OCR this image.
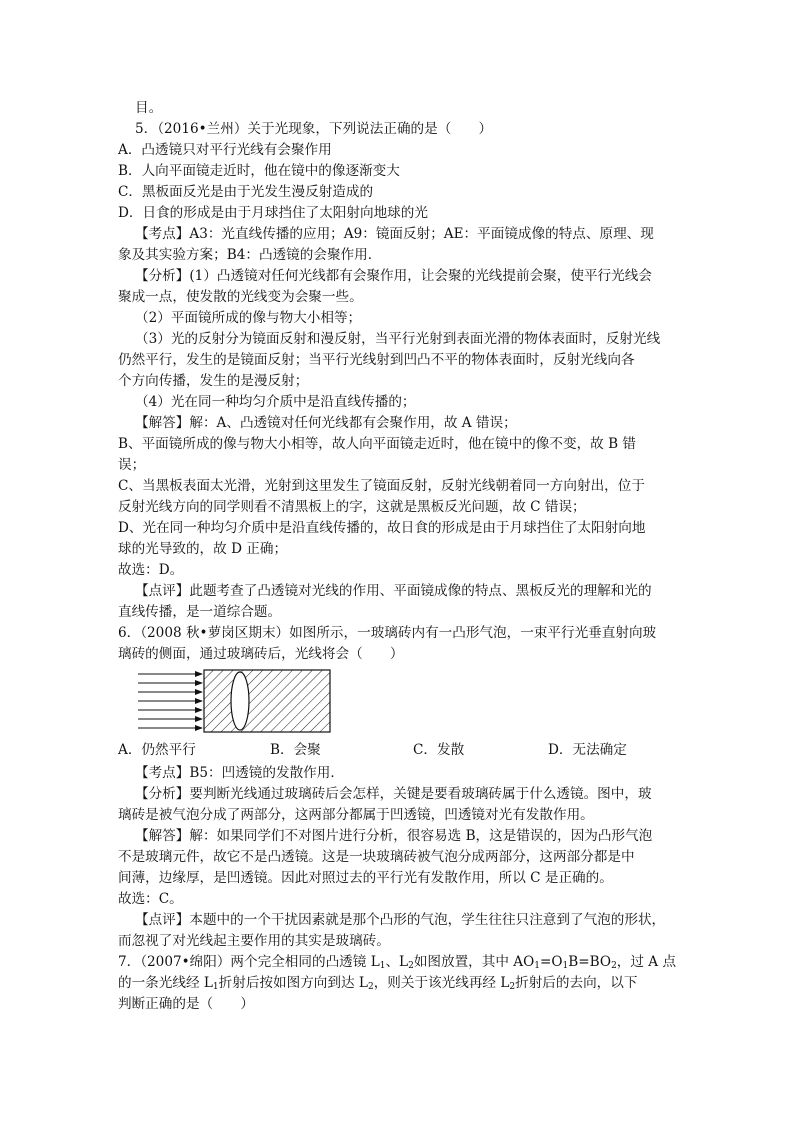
目。
5．（2016•兰州）关于光现象，下列说法正确的是（　　）
A．凸透镜只对平行光线有会聚作用
B．人向平面镜走近时，他在镜中的像逐渐变大
C．黑板面反光是由于光发生漫反射造成的
D．日食的形成是由于月球挡住了太阳射向地球的光
【考点】A3：光直线传播的应用；A9：镜面反射；AE：平面镜成像的特点、原理、现
象及其实验方案；B4：凸透镜的会聚作用．
【分析】(1）凸透镜对任何光线都有会聚作用，让会聚的光线提前会聚，使平行光线会
聚成一点，使发散的光线变为会聚一些。
（2）平面镜所成的像与物大小相等；
（3）光的反射分为镜面反射和漫反射，当平行光射到表面光滑的物体表面时，反射光线
仍然平行，发生的是镜面反射；当平行光线射到凹凸不平的物体表面时，反射光线向各
个方向传播，发生的是漫反射；
（4）光在同一种均匀介质中是沿直线传播的；
【解答】解：A、凸透镜对任何光线都有会聚作用，故 A 错误；
B、平面镜所成的像与物大小相等，故人向平面镜走近时，他在镜中的像不变，故 B 错
误；
C、当黑板表面太光滑，光射到这里发生了镜面反射，反射光线朝着同一方向射出，位于
反射光线方向的同学则看不清黑板上的字，这就是黑板反光问题，故 C 错误；
D、光在同一种均匀介质中是沿直线传播的，故日食的形成是由于月球挡住了太阳射向地
球的光导致的，故 D 正确；
故选：D。
【点评】此题考查了凸透镜对光线的作用、平面镜成像的特点、黑板反光的理解和光的
直线传播，是一道综合题。
6．（2008 秋•萝岗区期末）如图所示，一玻璃砖内有一凸形气泡，一束平行光垂直射向玻
璃砖的侧面，通过玻璃砖后，光线将会（　　）
A．仍然平行	B．会聚	C．发散	D．无法确定
【考点】B5：凹透镜的发散作用．
【分析】要判断光线通过玻璃砖后会怎样，关键是要看玻璃砖属于什么透镜。图中，玻
璃砖是被气泡分成了两部分，这两部分都属于凹透镜，凹透镜对光有发散作用。
【解答】解：如果同学们不对图片进行分析，很容易选 B，这是错误的，因为凸形气泡
不是玻璃元件，故它不是凸透镜。这是一块玻璃砖被气泡分成两部分，这两部分都是中
间薄，边缘厚，是凹透镜。因此对照过去的平行光有发散作用，所以 C 是正确的。
故选：C。
【点评】本题中的一个干扰因素就是那个凸形的气泡，学生往往只注意到了气泡的形状，
而忽视了对光线起主要作用的其实是玻璃砖。
7．（2007•绵阳）两个完全相同的凸透镜 $L_1$、$L_2$如图放置，其中 $AO_1=O_1B=BO_2$，过 A 点
的一条光线经 $L_1$折射后按如图方向到达 $L_2$，则关于该光线再经 $L_2$折射后的去向，以下
判断正确的是（　　）
